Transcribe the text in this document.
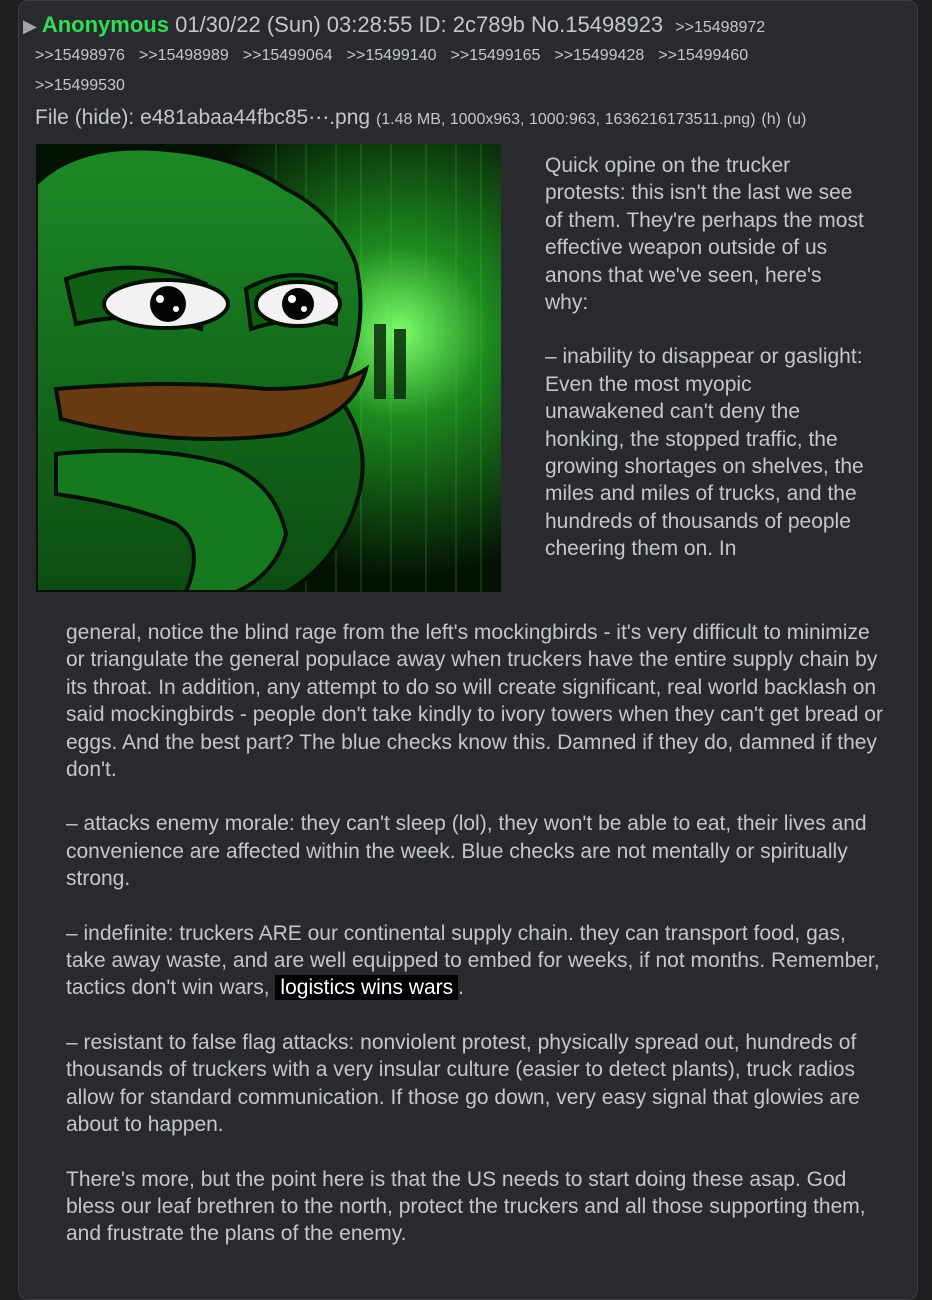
▶ Anonymous 01/30/22 (Sun) 03:28:55 ID: 2c789b No.15498923 >>15498972
>>15498976 >>15498989 >>15499064 >>15499140 >>15499165 >>15499428 >>15499460
>>15499530
File (hide): e481abaa44fbc85⋯.png (1.48 MB, 1000x963, 1000:963, 1636216173511.png) (h) (u)

Quick opine on the trucker protests: this isn't the last we see of them. They're perhaps the most effective weapon outside of us anons that we've seen, here's why:

– inability to disappear or gaslight: Even the most myopic unawakened can't deny the honking, the stopped traffic, the growing shortages on shelves, the miles and miles of trucks, and the hundreds of thousands of people cheering them on. In

general, notice the blind rage from the left's mockingbirds - it's very difficult to minimize or triangulate the general populace away when truckers have the entire supply chain by its throat. In addition, any attempt to do so will create significant, real world backlash on said mockingbirds - people don't take kindly to ivory towers when they can't get bread or eggs. And the best part? The blue checks know this. Damned if they do, damned if they don't.

– attacks enemy morale: they can't sleep (lol), they won't be able to eat, their lives and convenience are affected within the week. Blue checks are not mentally or spiritually strong.

– indefinite: truckers ARE our continental supply chain. they can transport food, gas, take away waste, and are well equipped to embed for weeks, if not months. Remember, tactics don't win wars, logistics wins wars .

– resistant to false flag attacks: nonviolent protest, physically spread out, hundreds of thousands of truckers with a very insular culture (easier to detect plants), truck radios allow for standard communication. If those go down, very easy signal that glowies are about to happen.

There's more, but the point here is that the US needs to start doing these asap. God bless our leaf brethren to the north, protect the truckers and all those supporting them, and frustrate the plans of the enemy.
